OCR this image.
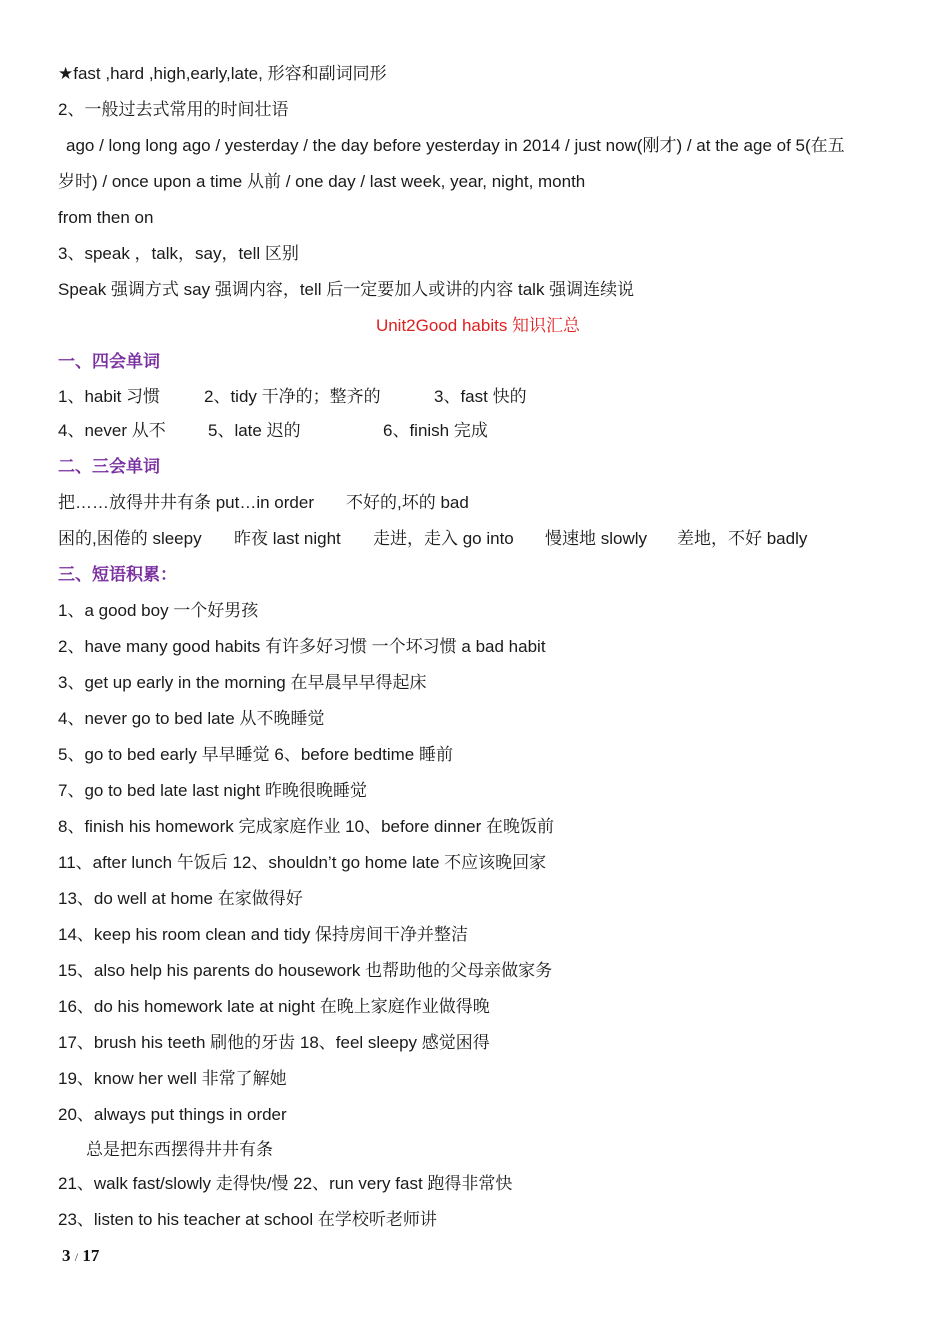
★fast ,hard ,high,early,late, 形容和副词同形
2、一般过去式常用的时间壮语
ago / long long ago / yesterday / the day before yesterday in 2014 / just now(刚才) / at the age of 5(在五
岁时) / once upon a time 从前 / one day / last week, year, night, month
from then on
3、speak ，talk，say，tell 区别
Speak 强调方式 say 强调内容，tell 后一定要加人或讲的内容 talk 强调连续说
Unit2Good habits 知识汇总
一、四会单词
1、habit 习惯	2、tidy 干净的；整齐的	3、fast 快的
4、never 从不 5、late 迟的	6、finish 完成
二、三会单词
把……放得井井有条 put…in order 不好的,坏的 bad
困的,困倦的 sleepy 昨夜 last night 走进，走入 go into 慢速地 slowly 差地，不好 badly
三、短语积累：
1、a good boy 一个好男孩
2、have many good habits 有许多好习惯 一个坏习惯 a bad habit
3、get up early in the morning 在早晨早早得起床
4、never go to bed late 从不晚睡觉
5、go to bed early 早早睡觉 6、before bedtime 睡前
7、go to bed late last night 昨晚很晚睡觉
8、finish his homework 完成家庭作业 10、before dinner 在晚饭前
11、after lunch 午饭后 12、shouldn’t go home late 不应该晚回家
13、do well at home 在家做得好
14、keep his room clean and tidy 保持房间干净并整洁
15、also help his parents do housework 也帮助他的父母亲做家务
16、do his homework late at night 在晚上家庭作业做得晚
17、brush his teeth 刷他的牙齿 18、feel sleepy 感觉困得
19、know her well 非常了解她
20、always put things in order
总是把东西摆得井井有条
21、walk fast/slowly 走得快/慢 22、run very fast 跑得非常快
23、listen to his teacher at school 在学校听老师讲
3 / 17
